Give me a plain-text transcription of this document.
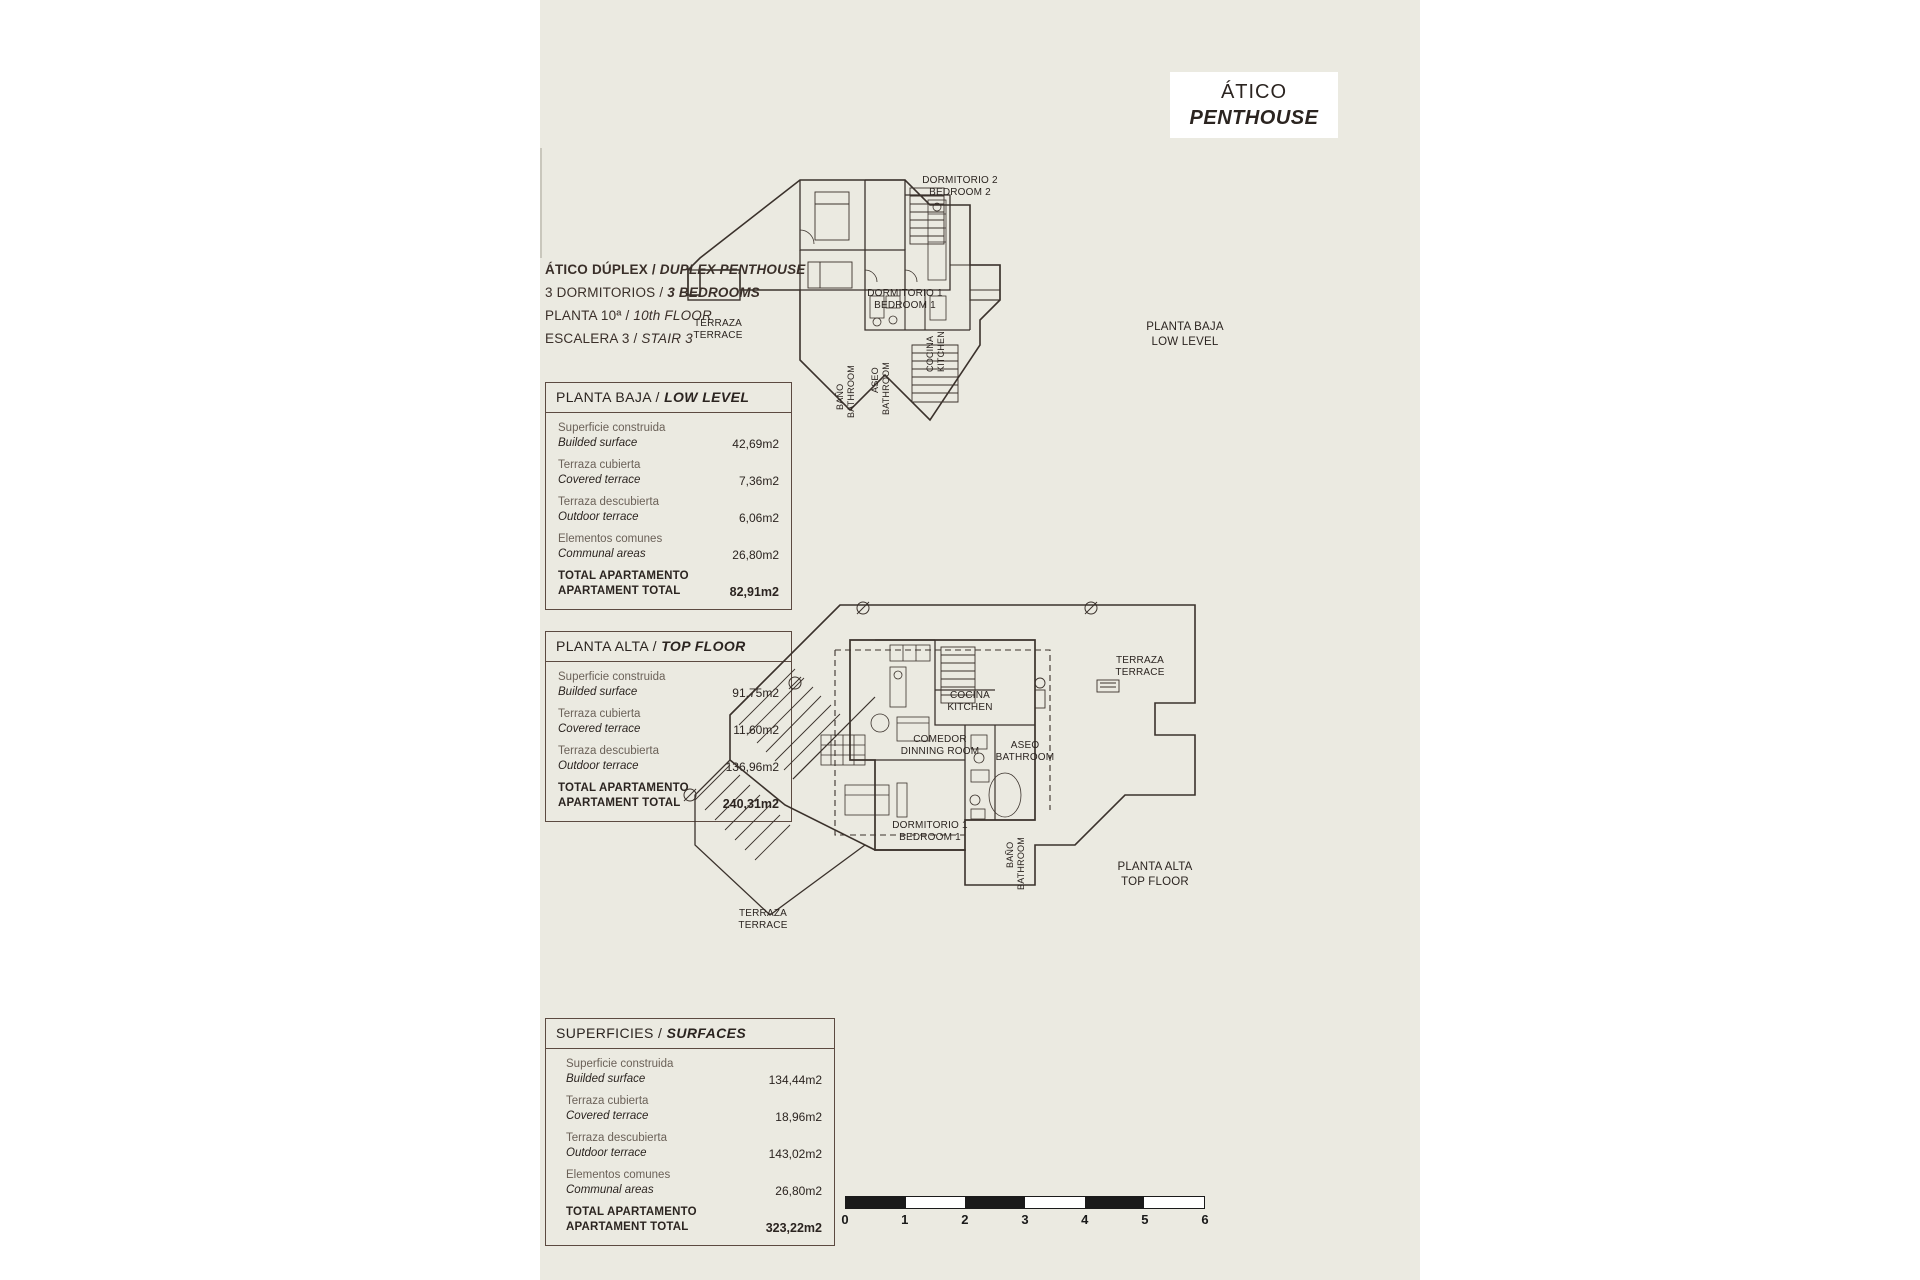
ÁTICO
PENTHOUSE
ÁTICO DÚPLEX / DUPLEX PENTHOUSE
3 DORMITORIOS / 3 BEDROOMS
PLANTA 10ª / 10th FLOOR
ESCALERA 3 / STAIR 3
PLANTA BAJA / LOW LEVEL
Superficie construida
Builded surface	42,69m2
Terraza cubierta
Covered terrace	7,36m2
Terraza descubierta
Outdoor terrace	6,06m2
Elementos comunes
Communal areas	26,80m2
TOTAL APARTAMENTO
APARTAMENT TOTAL	82,91m2
PLANTA ALTA / TOP FLOOR
Superficie construida
Builded surface	91,75m2
Terraza cubierta
Covered terrace	11,60m2
Terraza descubierta
Outdoor terrace	136,96m2
TOTAL APARTAMENTO
APARTAMENT TOTAL	240,31m2
SUPERFICIES / SURFACES
Superficie construida
Builded surface	134,44m2
Terraza cubierta
Covered terrace	18,96m2
Terraza descubierta
Outdoor terrace	143,02m2
Elementos comunes
Communal areas	26,80m2
TOTAL APARTAMENTO
APARTAMENT TOTAL	323,22m2
DORMITORIO 2
BEDROOM 2
DORMITORIO 1
BEDROOM 1
TERRAZA
TERRACE
COCINA KITCHEN
BAÑO BATHROOM ASEO BATHROOM
PLANTA BAJA
LOW LEVEL
TERRAZA
TERRACE
COCINA
KITCHEN
COMEDOR
DINNING ROOM
ASEO
BATHROOM
DORMITORIO 1
BEDROOM 1
BAÑO BATHROOM
TERRAZA
TERRACE
PLANTA ALTA
TOP FLOOR
0	1	2	3	4	5	6
